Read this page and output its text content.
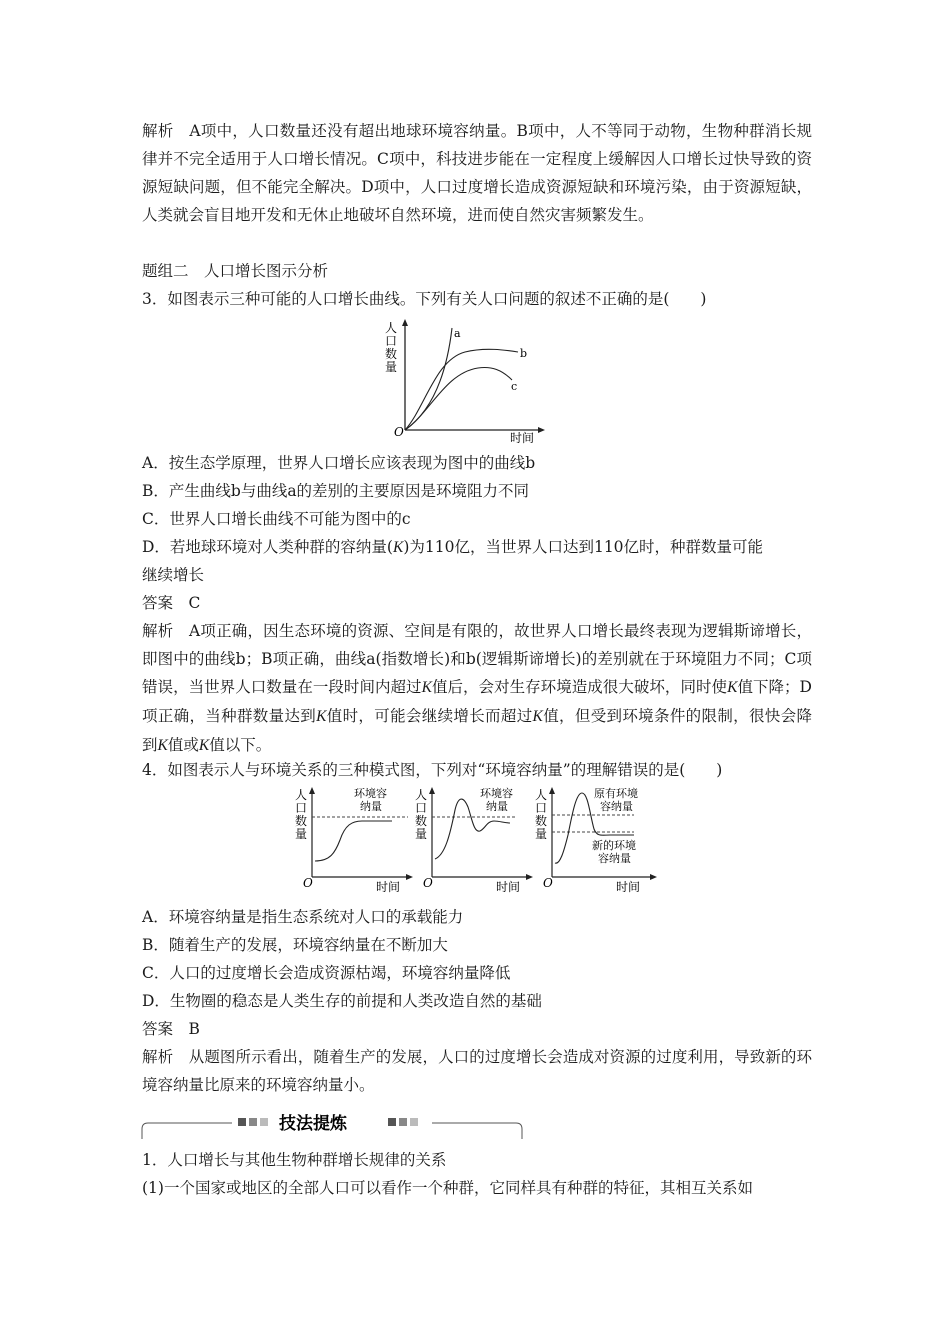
解析　A项中，人口数量还没有超出地球环境容纳量。B项中，人不等同于动物，生物种群消长规律并不完全适用于人口增长情况。C项中，科技进步能在一定程度上缓解因人口增长过快导致的资源短缺问题，但不能完全解决。D项中，人口过度增长造成资源短缺和环境污染，由于资源短缺，人类就会盲目地开发和无休止地破坏自然环境，进而使自然灾害频繁发生。
题组二　人口增长图示分析
3．如图表示三种可能的人口增长曲线。下列有关人口问题的叙述不正确的是(　　)
人
口
数
量
O	时间
a
b
c
A．按生态学原理，世界人口增长应该表现为图中的曲线b
B．产生曲线b与曲线a的差别的主要原因是环境阻力不同
C．世界人口增长曲线不可能为图中的c
D．若地球环境对人类种群的容纳量(K)为110亿，当世界人口达到110亿时，种群数量可能
继续增长
答案　C
解析　A项正确，因生态环境的资源、空间是有限的，故世界人口增长最终表现为逻辑斯谛增长，即图中的曲线b；B项正确，曲线a(指数增长)和b(逻辑斯谛增长)的差别就在于环境阻力不同；C项错误，当世界人口数量在一段时间内超过K值后，会对生存环境造成很大破坏，同时使K值下降；D项正确，当种群数量达到K值时，可能会继续增长而超过K值，但受到环境条件的限制，很快会降到K值或K值以下。
4．如图表示人与环境关系的三种模式图，下列对“环境容纳量”的理解错误的是(　　)
人
口
数
量
O	时间
环境容
纳量
人
口
数
量
O	时间
环境容
纳量
人
口
数
量
O	时间
原有环境
容纳量
新的环境
容纳量
A．环境容纳量是指生态系统对人口的承载能力
B．随着生产的发展，环境容纳量在不断加大
C．人口的过度增长会造成资源枯竭，环境容纳量降低
D．生物圈的稳态是人类生存的前提和人类改造自然的基础
答案　B
解析　从题图所示看出，随着生产的发展，人口的过度增长会造成对资源的过度利用，导致新的环境容纳量比原来的环境容纳量小。
技法提炼
1．人口增长与其他生物种群增长规律的关系
(1)一个国家或地区的全部人口可以看作一个种群，它同样具有种群的特征，其相互关系如
